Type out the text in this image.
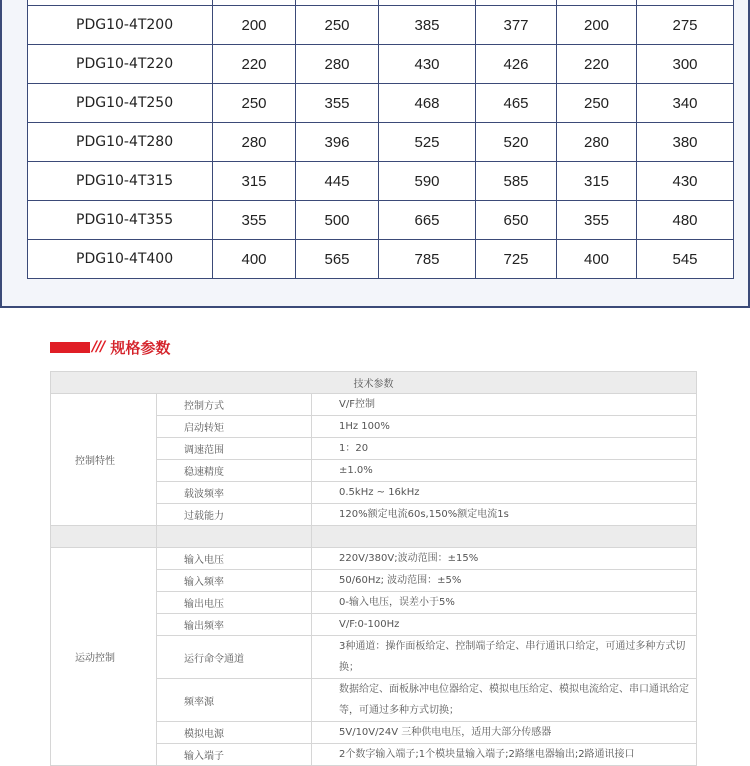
PDG10-4T200	200	250	385	377	200	275
PDG10-4T220	220	280	430	426	220	300
PDG10-4T250	250	355	468	465	250	340
PDG10-4T280	280	396	525	520	280	380
PDG10-4T315	315	445	590	585	315	430
PDG10-4T355	355	500	665	650	355	480
PDG10-4T400	400	565	785	725	400	545
/// 规格参数
技术参数		
控制特性	控制方式	V/F控制
	启动转矩	1Hz 100%
	调速范围	1：20
	稳速精度	±1.0%
	载波频率	0.5kHz ~ 16kHz
	过载能力	120%额定电流60s,150%额定电流1s

运动控制	输入电压	220V/380V;波动范围：±15%
	输入频率	50/60Hz; 波动范围：±5%
	输出电压	0-输入电压，误差小于5%
	输出频率	V/F:0-100Hz
	运行命令通道	3种通道：操作面板给定、控制端子给定、串行通讯口给定，可通过多种方式切换；
	频率源	数据给定、面板脉冲电位器给定、模拟电压给定、模拟电流给定、串口通讯给定等，可通过多种方式切换；
	模拟电源	5V/10V/24V 三种供电电压，适用大部分传感器
	输入端子	2个数字输入端子;1个模块量输入端子;2路继电器输出;2路通讯接口
